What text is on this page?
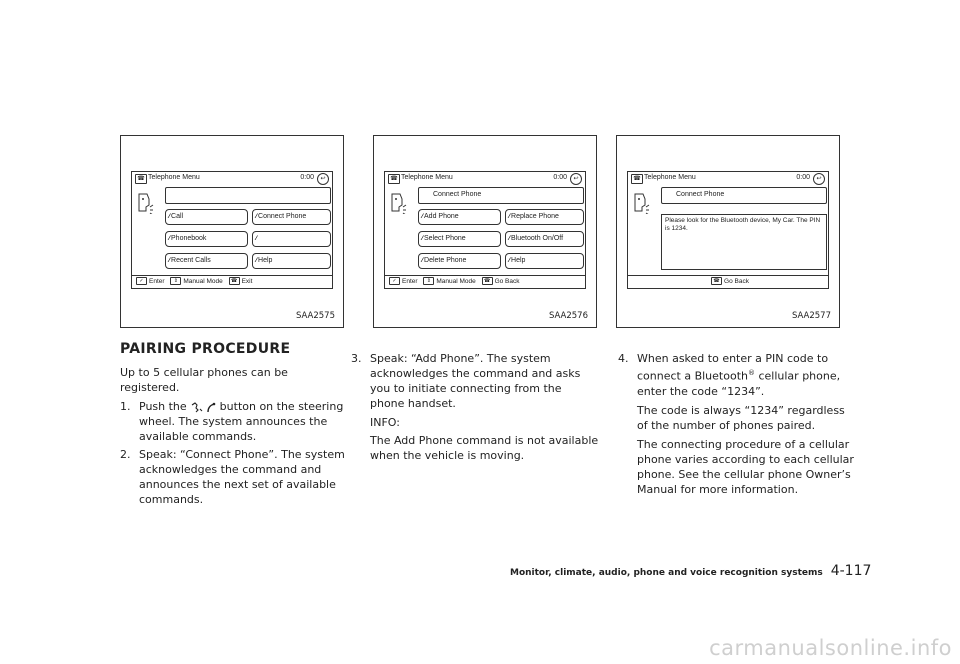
☎ Telephone Menu	0:00	↩
⁄⁄⁄ Call
⁄⁄⁄ Phonebook
⁄⁄⁄ Recent Calls
⁄⁄⁄ Connect Phone
⁄⁄⁄
⁄⁄⁄ Help
✓ Enter ⇕ Manual Mode ☎ Exit
SAA2575
☎ Telephone Menu	0:00	↩
Connect Phone
⁄⁄⁄ Add Phone
⁄⁄⁄ Select Phone
⁄⁄⁄ Delete Phone
⁄⁄⁄ Replace Phone
⁄⁄⁄ Bluetooth On/Off
⁄⁄⁄ Help
✓ Enter ⇕ Manual Mode ☎ Go Back
SAA2576
☎ Telephone Menu	0:00	↩
Connect Phone
Please look for the Bluetooth device, My Car. The PIN is 1234.
☎ Go Back
SAA2577
PAIRING PROCEDURE

Up to 5 cellular phones can be registered.

1. Push the	button on the steering wheel. The system announces the available commands.

2. Speak: “Connect Phone”. The system acknowledges the command and announces the next set of available commands.

3. Speak: “Add Phone”. The system acknowledges the command and asks you to initiate connecting from the phone handset.

INFO:

The Add Phone command is not available when the vehicle is moving.

4. When asked to enter a PIN code to connect a Bluetooth® cellular phone, enter the code “1234”.

The code is always “1234” regardless of the number of phones paired.

The connecting procedure of a cellular phone varies according to each cellular phone. See the cellular phone Owner’s Manual for more information.

Monitor, climate, audio, phone and voice recognition systems 4-117
carmanualsonline.info
